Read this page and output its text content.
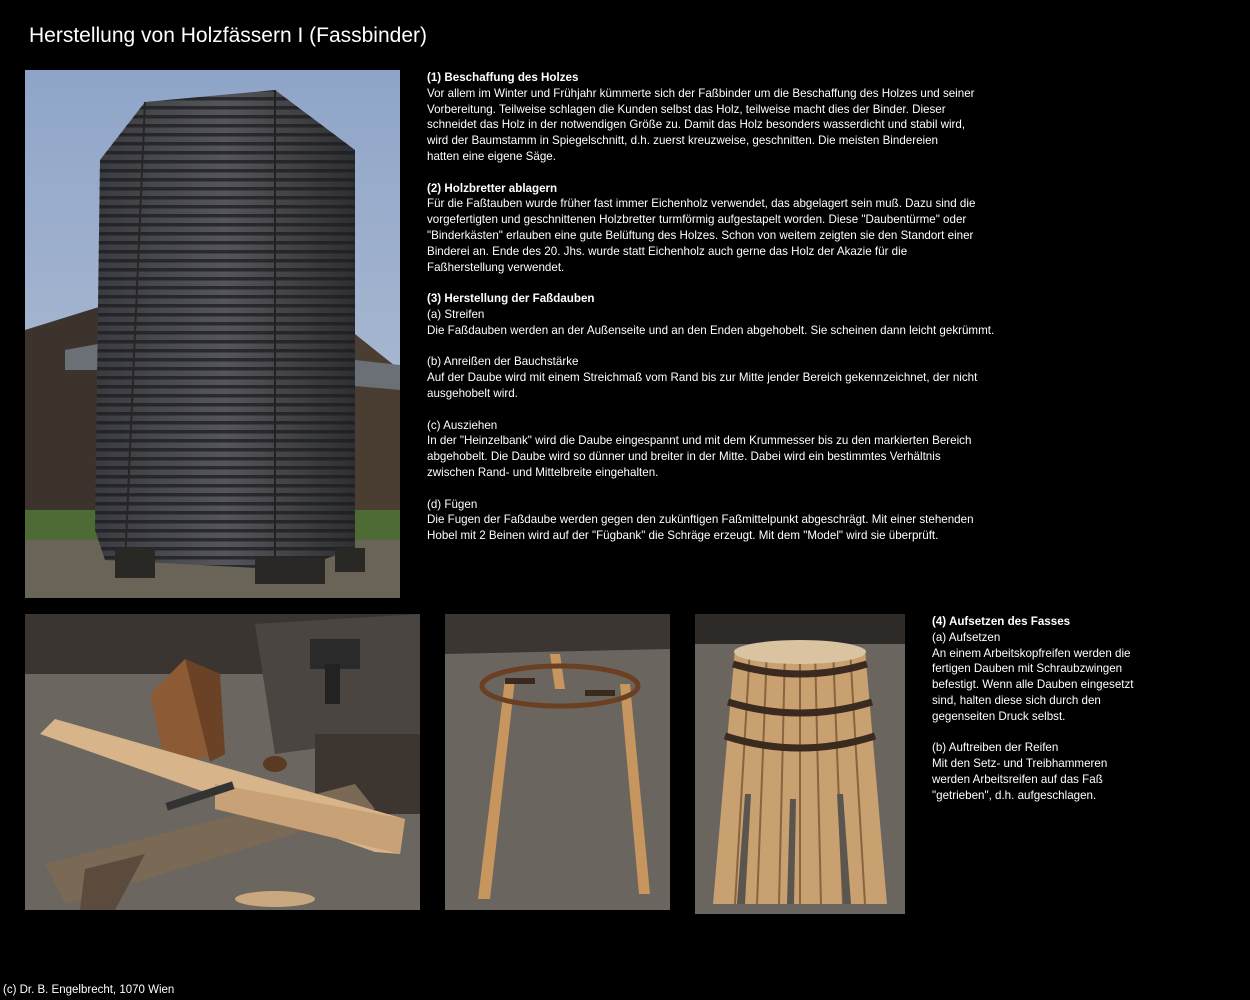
Herstellung von Holzfässern I (Fassbinder)

(1) Beschaffung des Holzes

Vor allem im Winter und Frühjahr kümmerte sich der Faßbinder um die Beschaffung des Holzes und seiner

Vorbereitung. Teilweise schlagen die Kunden selbst das Holz, teilweise macht dies der Binder. Dieser

schneidet das Holz in der notwendigen Größe zu. Damit das Holz besonders wasserdicht und stabil wird,

wird der Baumstamm in Spiegelschnitt, d.h. zuerst kreuzweise, geschnitten. Die meisten Bindereien

hatten eine eigene Säge.

(2) Holzbretter ablagern

Für die Faßtauben wurde früher fast immer Eichenholz verwendet, das abgelagert sein muß. Dazu sind die

vorgefertigten und geschnittenen Holzbretter turmförmig aufgestapelt worden. Diese "Daubentürme" oder

"Binderkästen" erlauben eine gute Belüftung des Holzes. Schon von weitem zeigten sie den Standort einer

Binderei an. Ende des 20. Jhs. wurde statt Eichenholz auch gerne das Holz der Akazie für die

Faßherstellung verwendet.

(3) Herstellung der Faßdauben

(a) Streifen

Die Faßdauben werden an der Außenseite und an den Enden abgehobelt. Sie scheinen dann leicht gekrümmt.

(b) Anreißen der Bauchstärke

Auf der Daube wird mit einem Streichmaß vom Rand bis zur Mitte jender Bereich gekennzeichnet, der nicht

ausgehobelt wird.

(c) Ausziehen

In der "Heinzelbank" wird die Daube eingespannt und mit dem Krummesser bis zu den markierten Bereich

abgehobelt. Die Daube wird so dünner und breiter in der Mitte. Dabei wird ein bestimmtes Verhältnis

zwischen Rand- und Mittelbreite eingehalten.

(d) Fügen

Die Fugen der Faßdaube werden gegen den zukünftigen Faßmittelpunkt abgeschrägt. Mit einer stehenden

Hobel mit 2 Beinen wird auf der "Fügbank" die Schräge erzeugt. Mit dem "Model" wird sie überprüft.

(4) Aufsetzen des Fasses

(a) Aufsetzen

An einem Arbeitskopfreifen werden die

fertigen Dauben mit Schraubzwingen

befestigt. Wenn alle Dauben eingesetzt

sind, halten diese sich durch den

gegenseiten Druck selbst.

(b) Auftreiben der Reifen

Mit den Setz- und Treibhammeren

werden Arbeitsreifen auf das Faß

"getrieben", d.h. aufgeschlagen.

(c) Dr. B. Engelbrecht, 1070 Wien
